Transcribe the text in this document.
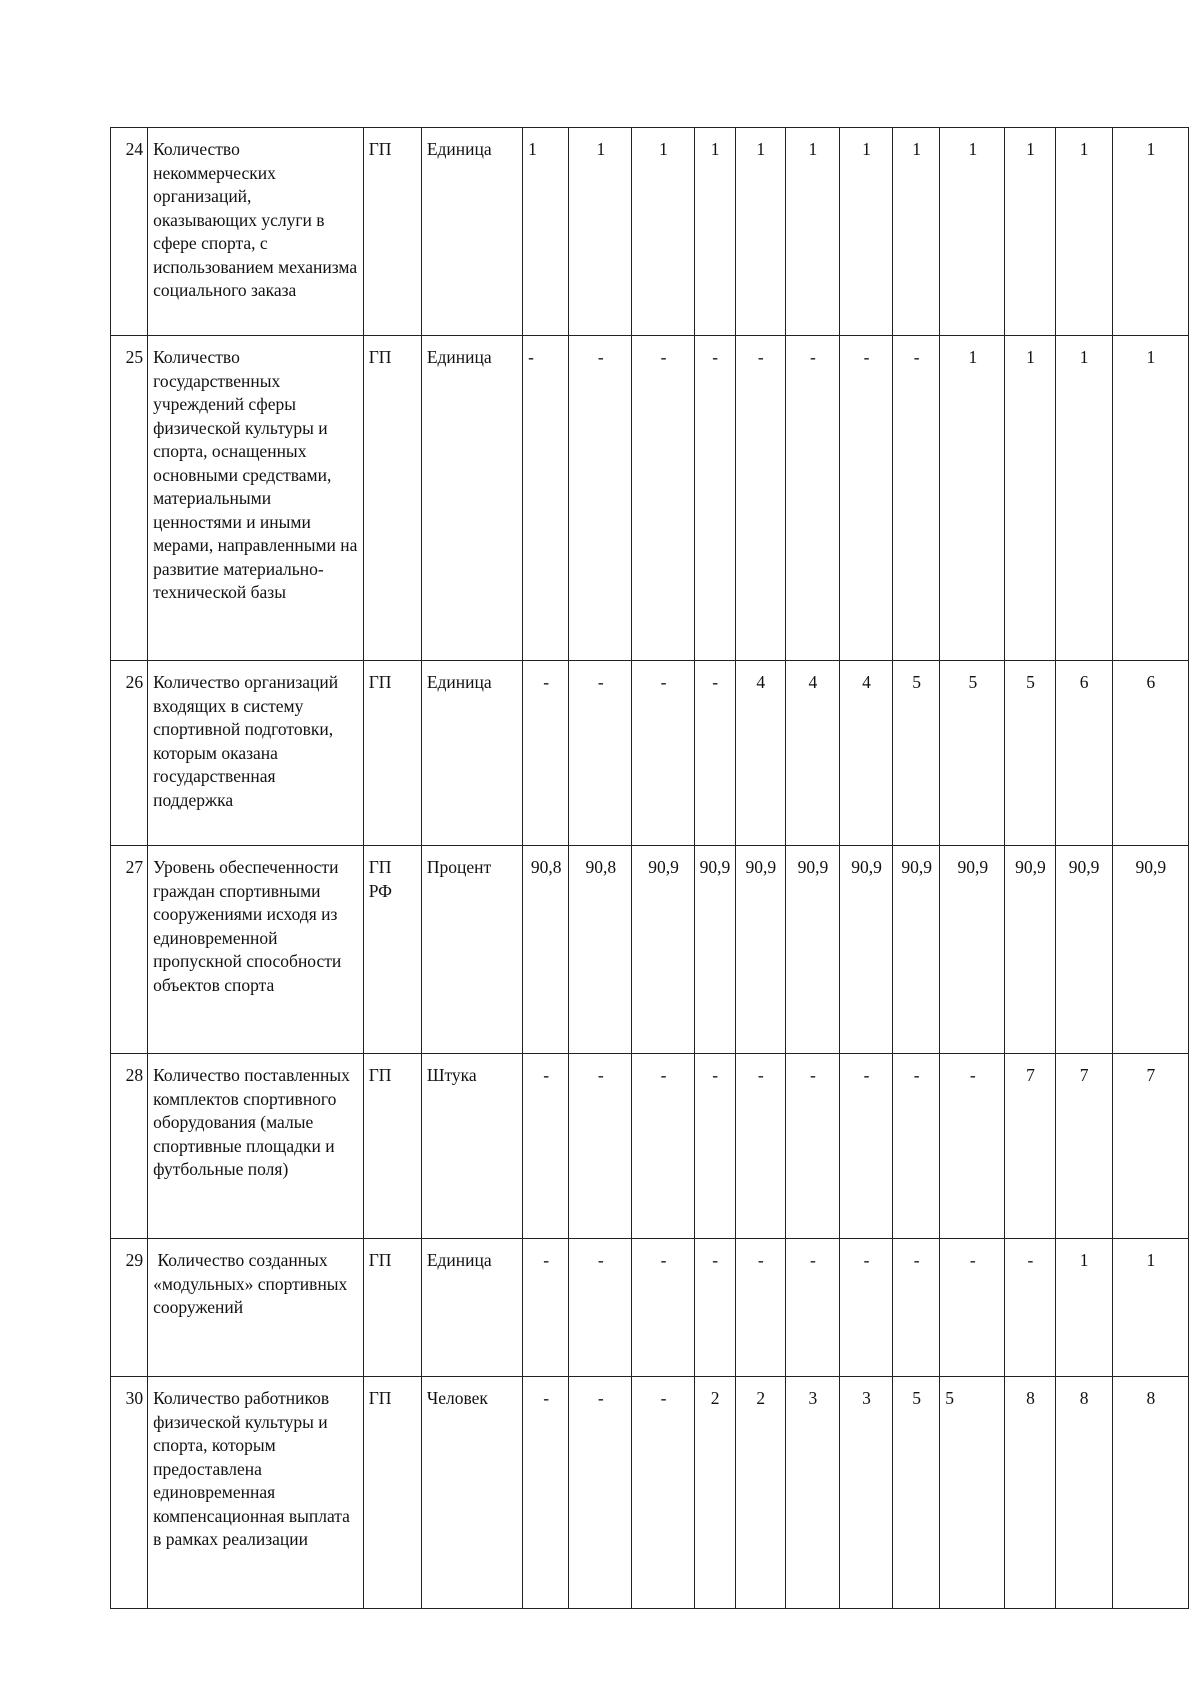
24	Количество некоммерческих организаций, оказывающих услуги в сфере спорта, с использованием механизма социального заказа	ГП	Единица	1	1	1	1	1	1	1	1	1	1	1	1
25	Количество государственных учреждений сферы физической культуры и спорта, оснащенных основными средствами, материальными ценностями и иными мерами, направленными на развитие материально-технической базы	ГП	Единица	-	-	-	-	-	-	-	-	1	1	1	1
26	Количество организаций входящих в систему спортивной подготовки, которым оказана государственная поддержка	ГП	Единица	-	-	-	-	4	4	4	5	5	5	6	6
27	Уровень обеспеченности граждан спортивными сооружениями исходя из единовременной пропускной способности объектов спорта	ГП РФ	Процент	90,8	90,8	90,9	90,9	90,9	90,9	90,9	90,9	90,9	90,9	90,9	90,9
28	Количество поставленных комплектов спортивного оборудования (малые спортивные площадки и футбольные поля)	ГП	Штука	-	-	-	-	-	-	-	-	-	7	7	7
29	Количество созданных «модульных» спортивных сооружений	ГП	Единица	-	-	-	-	-	-	-	-	-	-	1	1
30	Количество работников физической культуры и спорта, которым предоставлена единовременная компенсационная выплата в рамках реализации	ГП	Человек	-	-	-	2	2	3	3	5	5	8	8	8
